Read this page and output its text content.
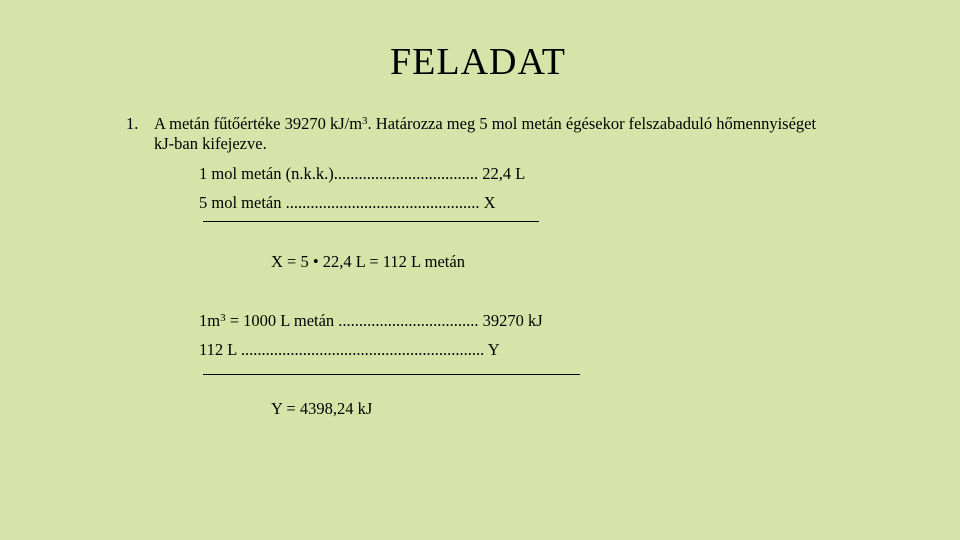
FELADAT
1. A metán fűtőértéke 39270 $kJ/m^3$. Határozza meg 5 mol metán égésekor felszabaduló hőmennyiséget kJ-ban kifejezve.
1 mol metán (n.k.k.)................................... 22,4 L
5 mol metán ............................................... X
X = 5 • 22,4 L = 112 L metán
$1m^3 = 1000$ L metán .................................. 39270 kJ
112 L ........................................................... Y
Y = 4398,24 kJ
